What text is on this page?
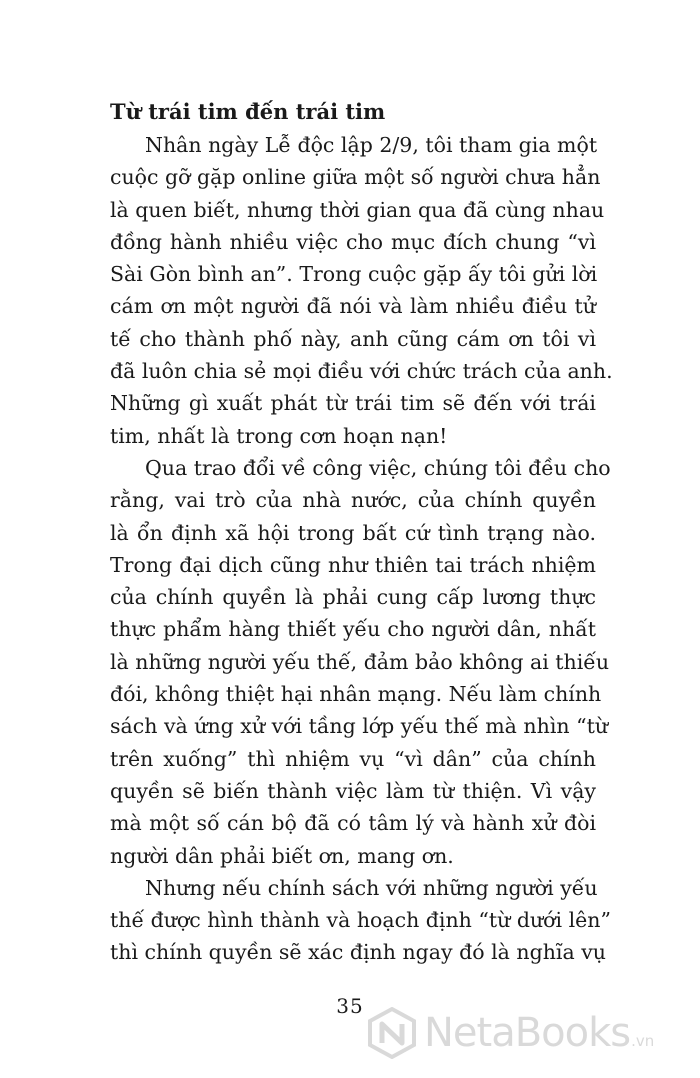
Từ trái tim đến trái tim

Nhân ngày Lễ độc lập 2/9, tôi tham gia một
cuộc gỡ gặp online giữa một số người chưa hẳn
là quen biết, nhưng thời gian qua đã cùng nhau
đồng hành nhiều việc cho mục đích chung “vì
Sài Gòn bình an”. Trong cuộc gặp ấy tôi gửi lời
cám ơn một người đã nói và làm nhiều điều tử
tế cho thành phố này, anh cũng cám ơn tôi vì
đã luôn chia sẻ mọi điều với chức trách của anh.
Những gì xuất phát từ trái tim sẽ đến với trái
tim, nhất là trong cơn hoạn nạn!

Qua trao đổi về công việc, chúng tôi đều cho
rằng, vai trò của nhà nước, của chính quyền
là ổn định xã hội trong bất cứ tình trạng nào.
Trong đại dịch cũng như thiên tai trách nhiệm
của chính quyền là phải cung cấp lương thực
thực phẩm hàng thiết yếu cho người dân, nhất
là những người yếu thế, đảm bảo không ai thiếu
đói, không thiệt hại nhân mạng. Nếu làm chính
sách và ứng xử với tầng lớp yếu thế mà nhìn “từ
trên xuống” thì nhiệm vụ “vì dân” của chính
quyền sẽ biến thành việc làm từ thiện. Vì vậy
mà một số cán bộ đã có tâm lý và hành xử đòi
người dân phải biết ơn, mang ơn.

Nhưng nếu chính sách với những người yếu
thế được hình thành và hoạch định “từ dưới lên”
thì chính quyền sẽ xác định ngay đó là nghĩa vụ

35
NetaBooks .vn
